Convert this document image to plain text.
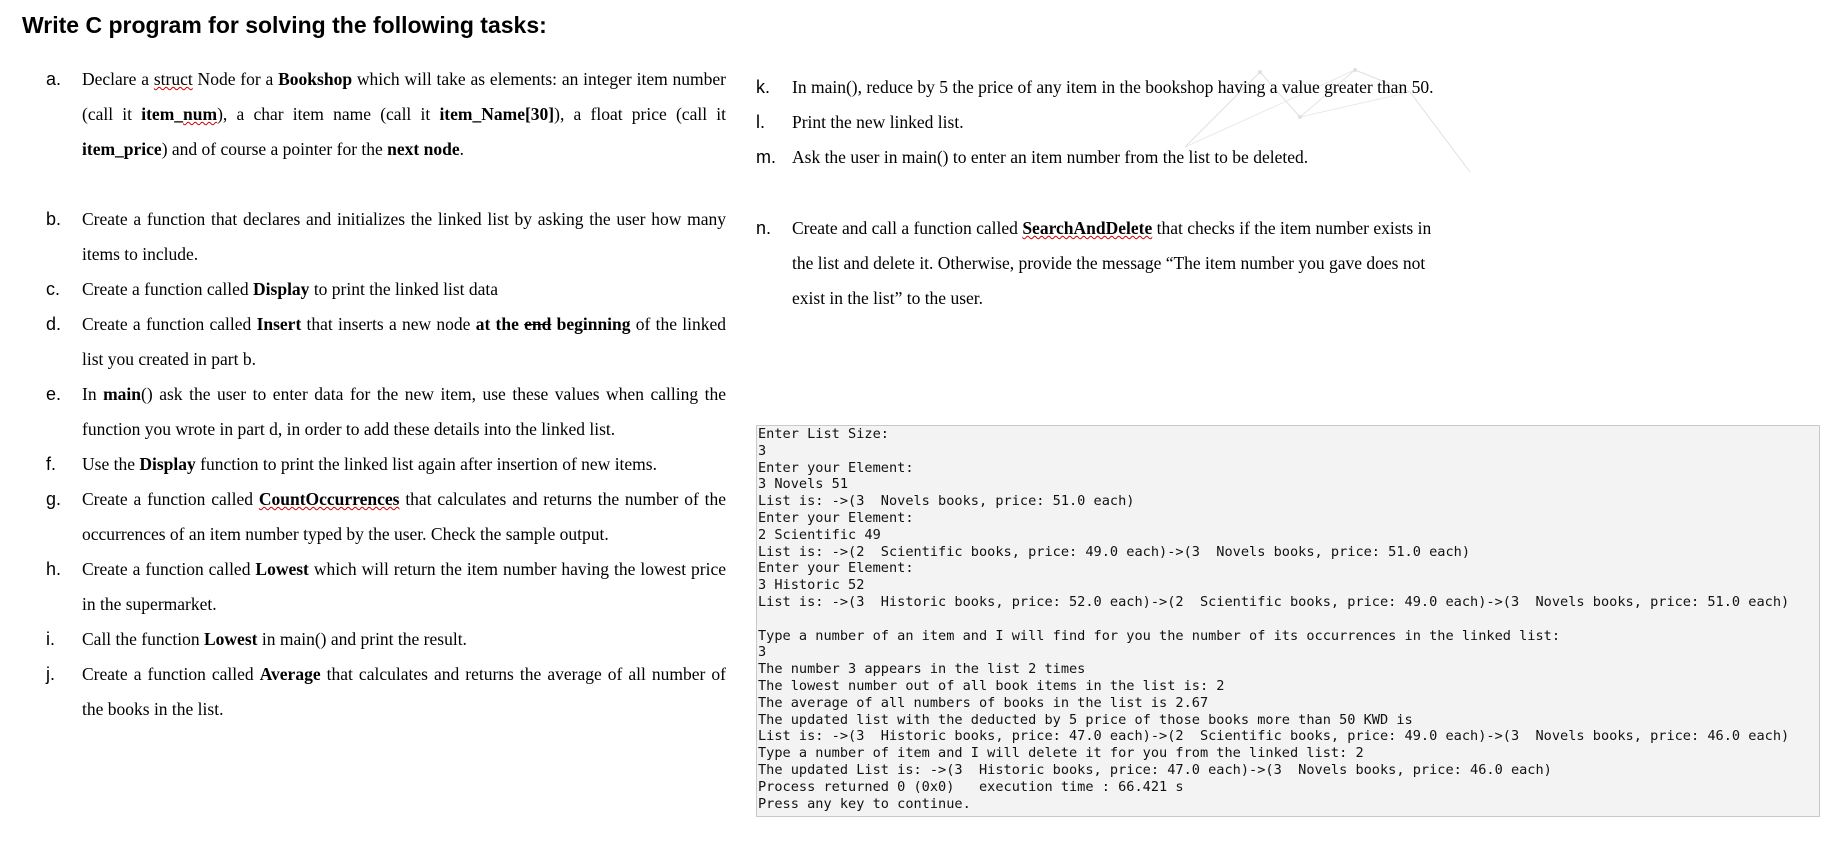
Write C program for solving the following tasks:
a.	Declare a struct Node for a Bookshop which will take as elements: an integer item number (call it item_num), a char item name (call it item_Name[30]), a float price (call it item_price) and of course a pointer for the next node.
b.	Create a function that declares and initializes the linked list by asking the user how many items to include.
c.	Create a function called Display to print the linked list data
d.	Create a function called Insert that inserts a new node at the end beginning of the linked list you created in part b.
e.	In main() ask the user to enter data for the new item, use these values when calling the function you wrote in part d, in order to add these details into the linked list.
f.	Use the Display function to print the linked list again after insertion of new items.
g.	Create a function called CountOccurrences that calculates and returns the number of the occurrences of an item number typed by the user. Check the sample output.
h.	Create a function called Lowest which will return the item number having the lowest price in the supermarket.
i.	Call the function Lowest in main() and print the result.
j.	Create a function called Average that calculates and returns the average of all number of the books in the list.
k.	In main(), reduce by 5 the price of any item in the bookshop having a value greater than 50.
l.	Print the new linked list.
m. Ask the user in main() to enter an item number from the list to be deleted.
n.	Create and call a function called SearchAndDelete that checks if the item number exists in the list and delete it. Otherwise, provide the message “The item number you gave does not exist in the list” to the user.
Enter List Size:
3
Enter your Element:
3 Novels 51
List is: ->(3  Novels books, price: 51.0 each)
Enter your Element:
2 Scientific 49
List is: ->(2  Scientific books, price: 49.0 each)->(3  Novels books, price: 51.0 each)
Enter your Element:
3 Historic 52
List is: ->(3  Historic books, price: 52.0 each)->(2  Scientific books, price: 49.0 each)->(3  Novels books, price: 51.0 each)
Type a number of an item and I will find for you the number of its occurrences in the linked list:
3
The number 3 appears in the list 2 times
The lowest number out of all book items in the list is: 2
The average of all numbers of books in the list is 2.67
The updated list with the deducted by 5 price of those books more than 50 KWD is
List is: ->(3  Historic books, price: 47.0 each)->(2  Scientific books, price: 49.0 each)->(3  Novels books, price: 46.0 each)
Type a number of item and I will delete it for you from the linked list: 2
The updated List is: ->(3  Historic books, price: 47.0 each)->(3  Novels books, price: 46.0 each)
Process returned 0 (0x0)   execution time : 66.421 s
Press any key to continue.
